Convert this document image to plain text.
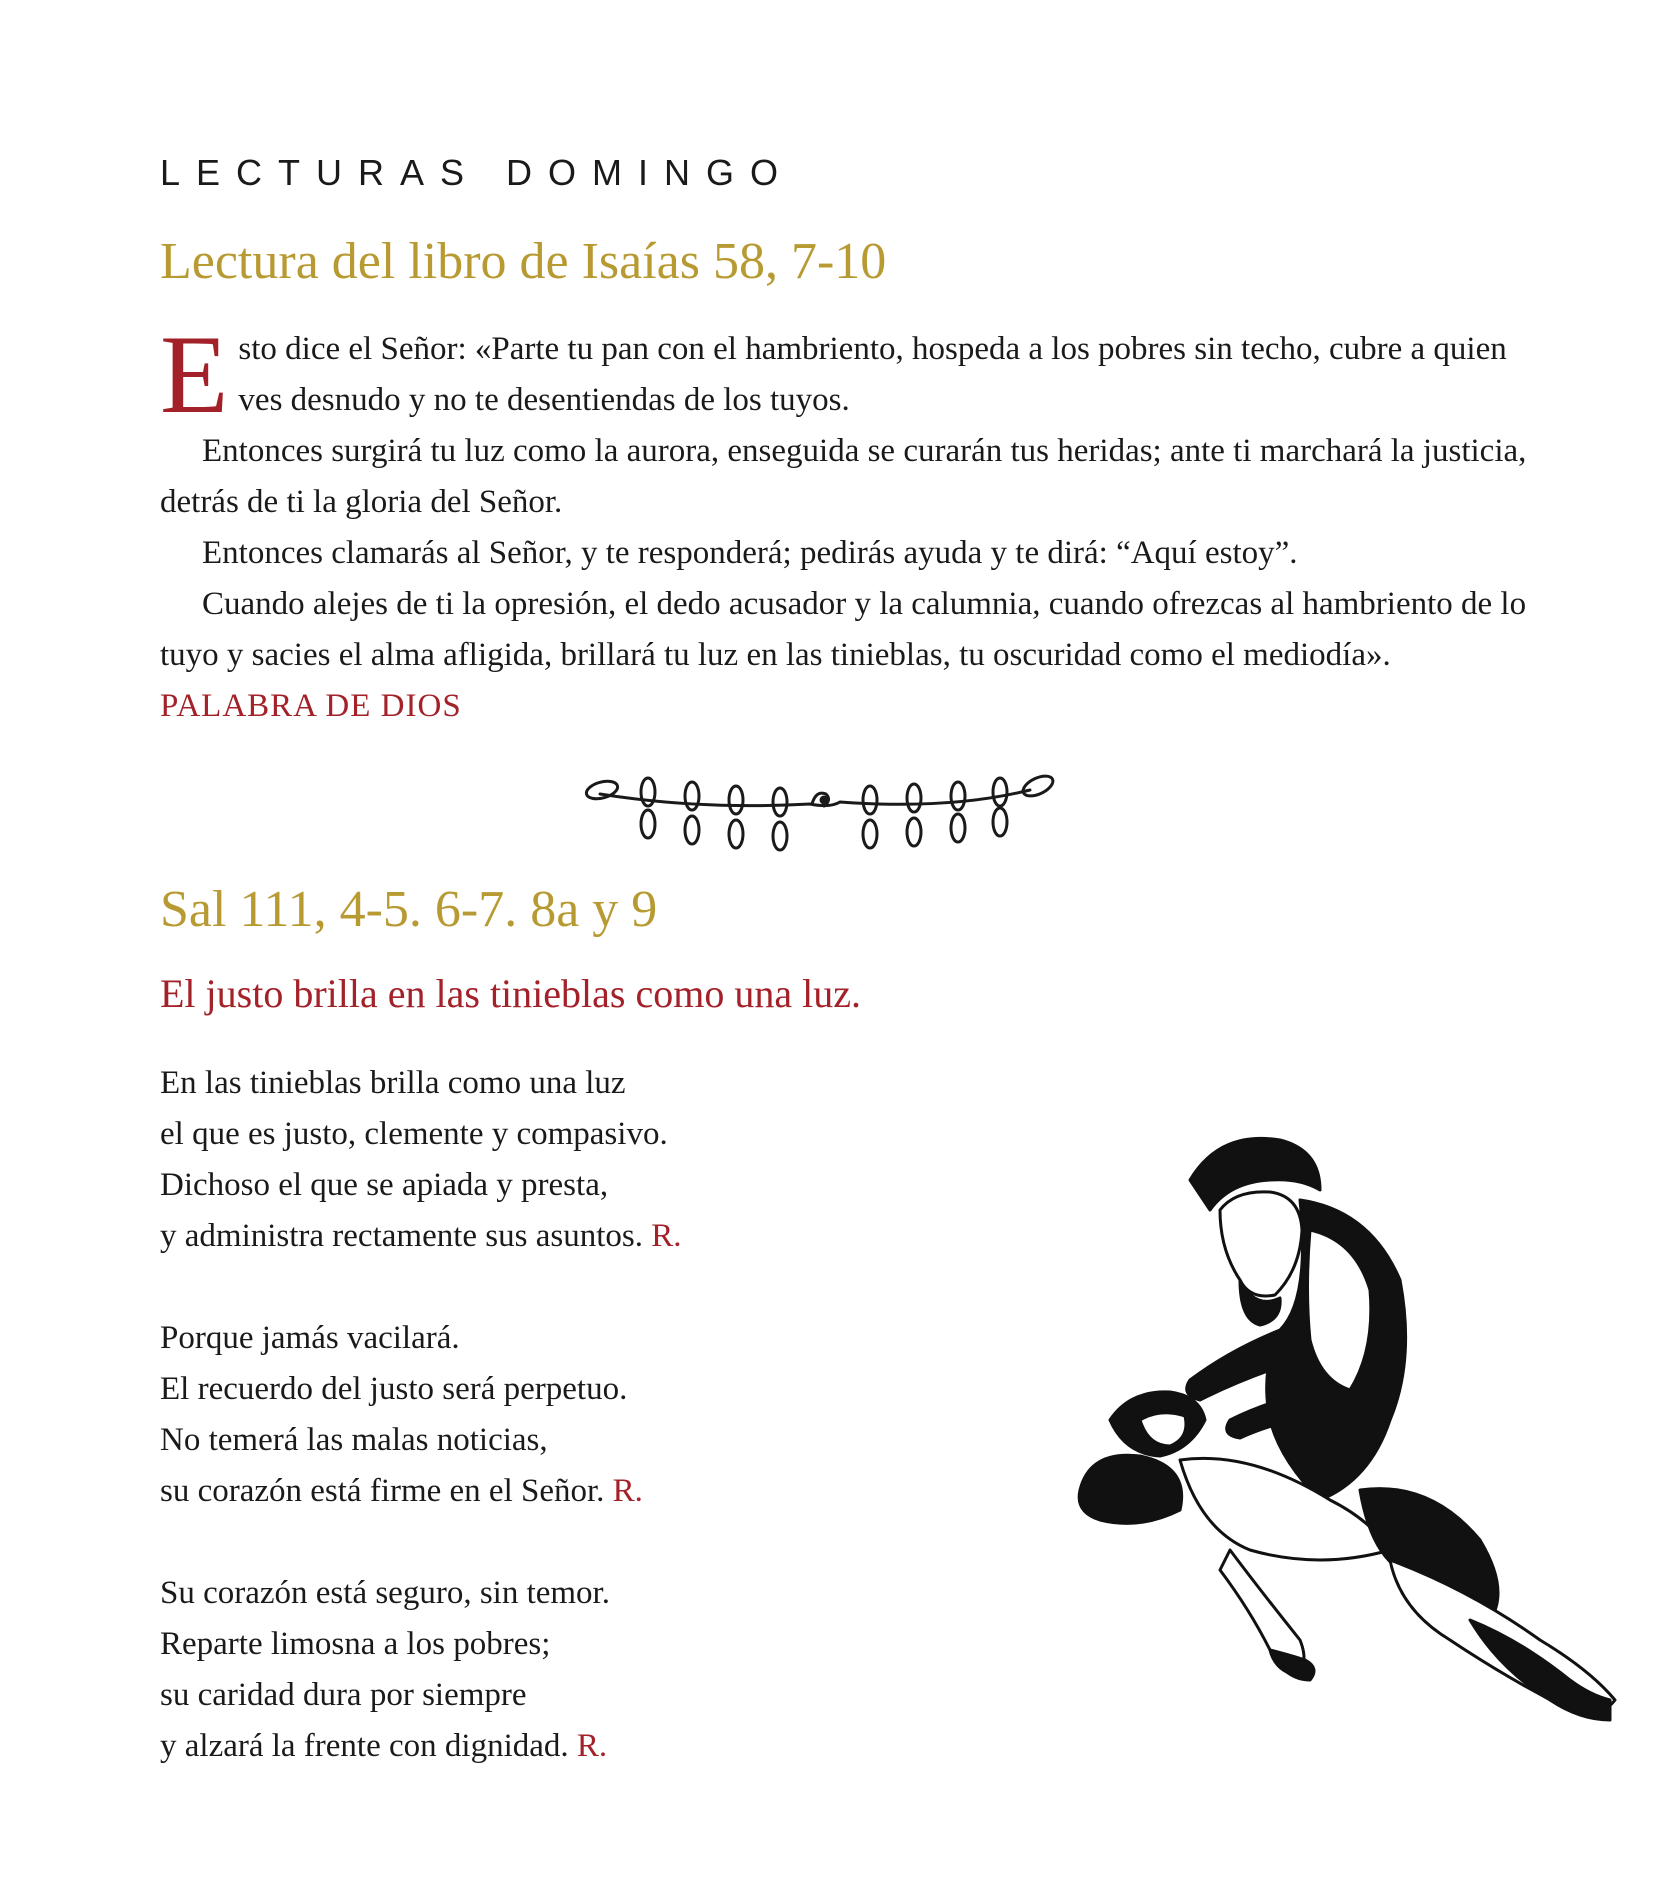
LECTURAS DOMINGO
Lectura del libro de Isaías 58, 7-10

Esto dice el Señor: «Parte tu pan con el hambriento, hospeda a los pobres sin techo, cubre a quien ves desnudo y no te desentiendas de los tuyos.

Entonces surgirá tu luz como la aurora, enseguida se curarán tus heridas; ante ti marchará la justicia, detrás de ti la gloria del Señor.

Entonces clamarás al Señor, y te responderá; pedirás ayuda y te dirá: “Aquí estoy”.

Cuando alejes de ti la opresión, el dedo acusador y la calumnia, cuando ofrezcas al hambriento de lo tuyo y sacies el alma afligida, brillará tu luz en las tinieblas, tu oscuridad como el mediodía». PALABRA DE DIOS

Sal 111, 4-5. 6-7. 8a y 9
El justo brilla en las tinieblas como una luz.

En las tinieblas brilla como una luz
el que es justo, clemente y compasivo.
Dichoso el que se apiada y presta,
y administra rectamente sus asuntos. R.

Porque jamás vacilará.
El recuerdo del justo será perpetuo.
No temerá las malas noticias,
su corazón está firme en el Señor. R.

Su corazón está seguro, sin temor.
Reparte limosna a los pobres;
su caridad dura por siempre
y alzará la frente con dignidad. R.
